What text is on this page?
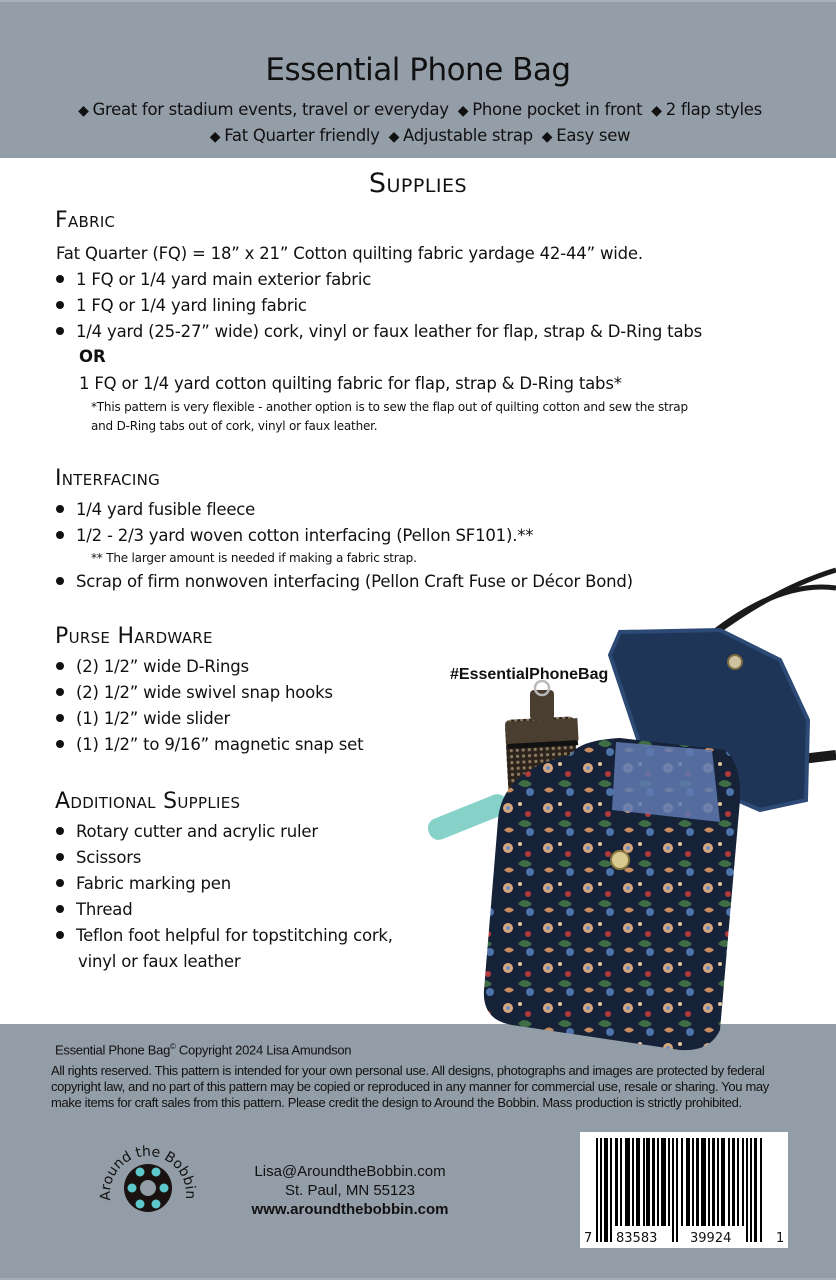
Essential Phone Bag
◆ Great for stadium events, travel or everyday ◆ Phone pocket in front ◆ 2 flap styles
◆ Fat Quarter friendly ◆ Adjustable strap ◆ Easy sew
Supplies
Fabric
Fat Quarter (FQ) = 18” x 21” Cotton quilting fabric yardage 42-44” wide.
1 FQ or 1/4 yard main exterior fabric
1 FQ or 1/4 yard lining fabric
1/4 yard (25-27” wide) cork, vinyl or faux leather for flap, strap & D-Ring tabs
OR
1 FQ or 1/4 yard cotton quilting fabric for flap, strap & D-Ring tabs*
*This pattern is very flexible - another option is to sew the flap out of quilting cotton and sew the strap
and D-Ring tabs out of cork, vinyl or faux leather.
Interfacing
1/4 yard fusible fleece
1/2 - 2/3 yard woven cotton interfacing (Pellon SF101).**
** The larger amount is needed if making a fabric strap.
Scrap of firm nonwoven interfacing (Pellon Craft Fuse or Décor Bond)
Purse Hardware
(2) 1/2” wide D-Rings
(2) 1/2” wide swivel snap hooks
(1) 1/2” wide slider
(1) 1/2” to 9/16” magnetic snap set
Additional Supplies
Rotary cutter and acrylic ruler
Scissors
Fabric marking pen
Thread
Teflon foot helpful for topstitching cork,
vinyl or faux leather
Essential Phone Bag© Copyright 2024 Lisa Amundson
All rights reserved. This pattern is intended for your own personal use. All designs, photographs and images are protected by federal copyright law, and no part of this pattern may be copied or reproduced in any manner for commercial use, resale or sharing. You may make items for craft sales from this pattern. Please credit the design to Around the Bobbin. Mass production is strictly prohibited.
Around the Bobbin
Lisa@AroundtheBobbin.com
St. Paul, MN 55123
www.aroundthebobbin.com
7 83583	39924	1
#EssentialPhoneBag
